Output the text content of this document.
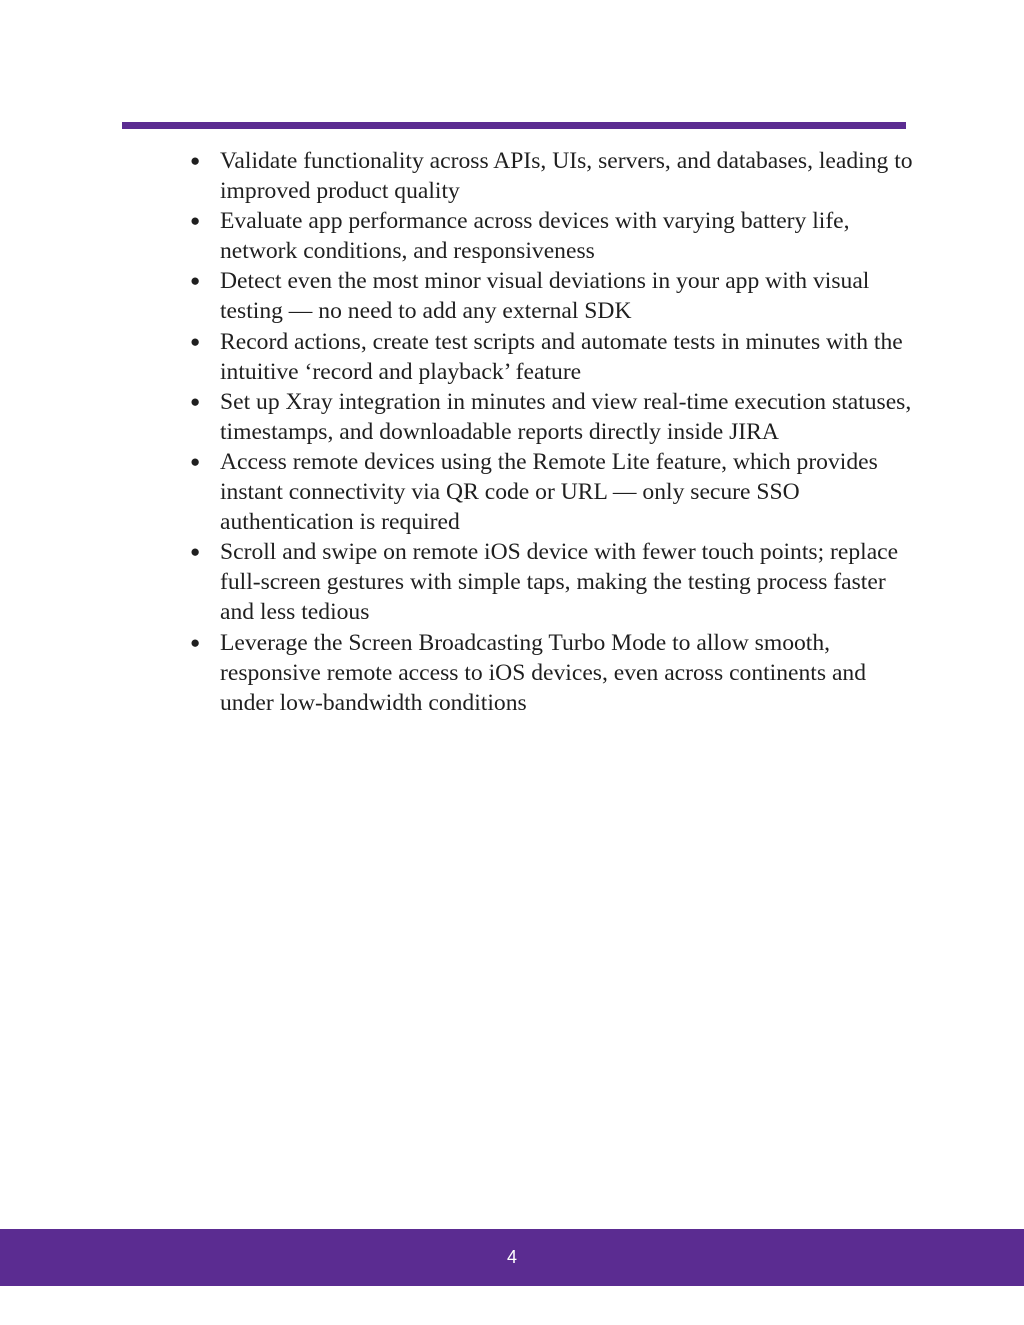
● Validate functionality across APIs, UIs, servers, and databases, leading to improved product quality
● Evaluate app performance across devices with varying battery life, network conditions, and responsiveness
● Detect even the most minor visual deviations in your app with visual testing — no need to add any external SDK
● Record actions, create test scripts and automate tests in minutes with the intuitive ‘record and playback’ feature
● Set up Xray integration in minutes and view real-time execution statuses, timestamps, and downloadable reports directly inside JIRA
● Access remote devices using the Remote Lite feature, which provides instant connectivity via QR code or URL — only secure SSO authentication is required
● Scroll and swipe on remote iOS device with fewer touch points; replace full-screen gestures with simple taps, making the testing process faster and less tedious
● Leverage the Screen Broadcasting Turbo Mode to allow smooth, responsive remote access to iOS devices, even across continents and under low-bandwidth conditions
4
